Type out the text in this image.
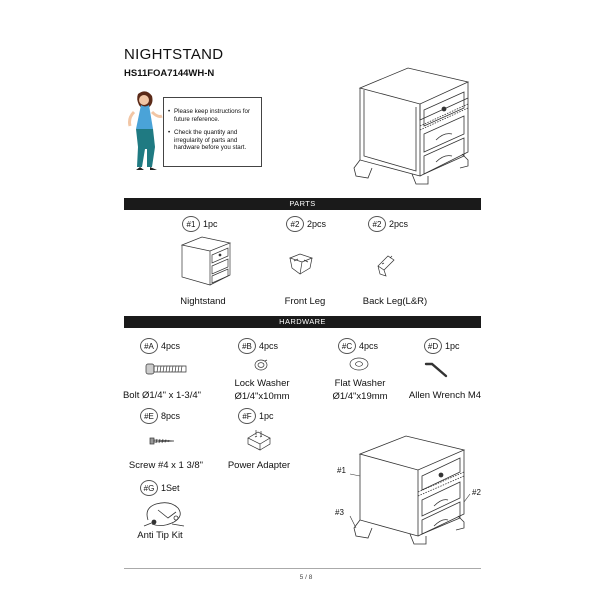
NIGHTSTAND
HS11FOA7144WH-N
• Please keep instructions for future reference.
• Check the quantity and irregularity of parts and hardware before you start.
PARTS
#1 1pc
Nightstand
#2 2pcs
Front Leg
#2 2pcs
Back Leg(L&R)
HARDWARE
#A 4pcs
Bolt Ø1/4" x 1-3/4"
#B 4pcs
Lock Washer
Ø1/4"x10mm
#C 4pcs
Flat Washer
Ø1/4"x19mm
#D 1pc
Allen Wrench M4
#E 8pcs
Screw #4 x 1 3/8"
#F 1pc
Power Adapter
#G 1Set
Anti Tip Kit
#1
#3
#2
5 / 8
